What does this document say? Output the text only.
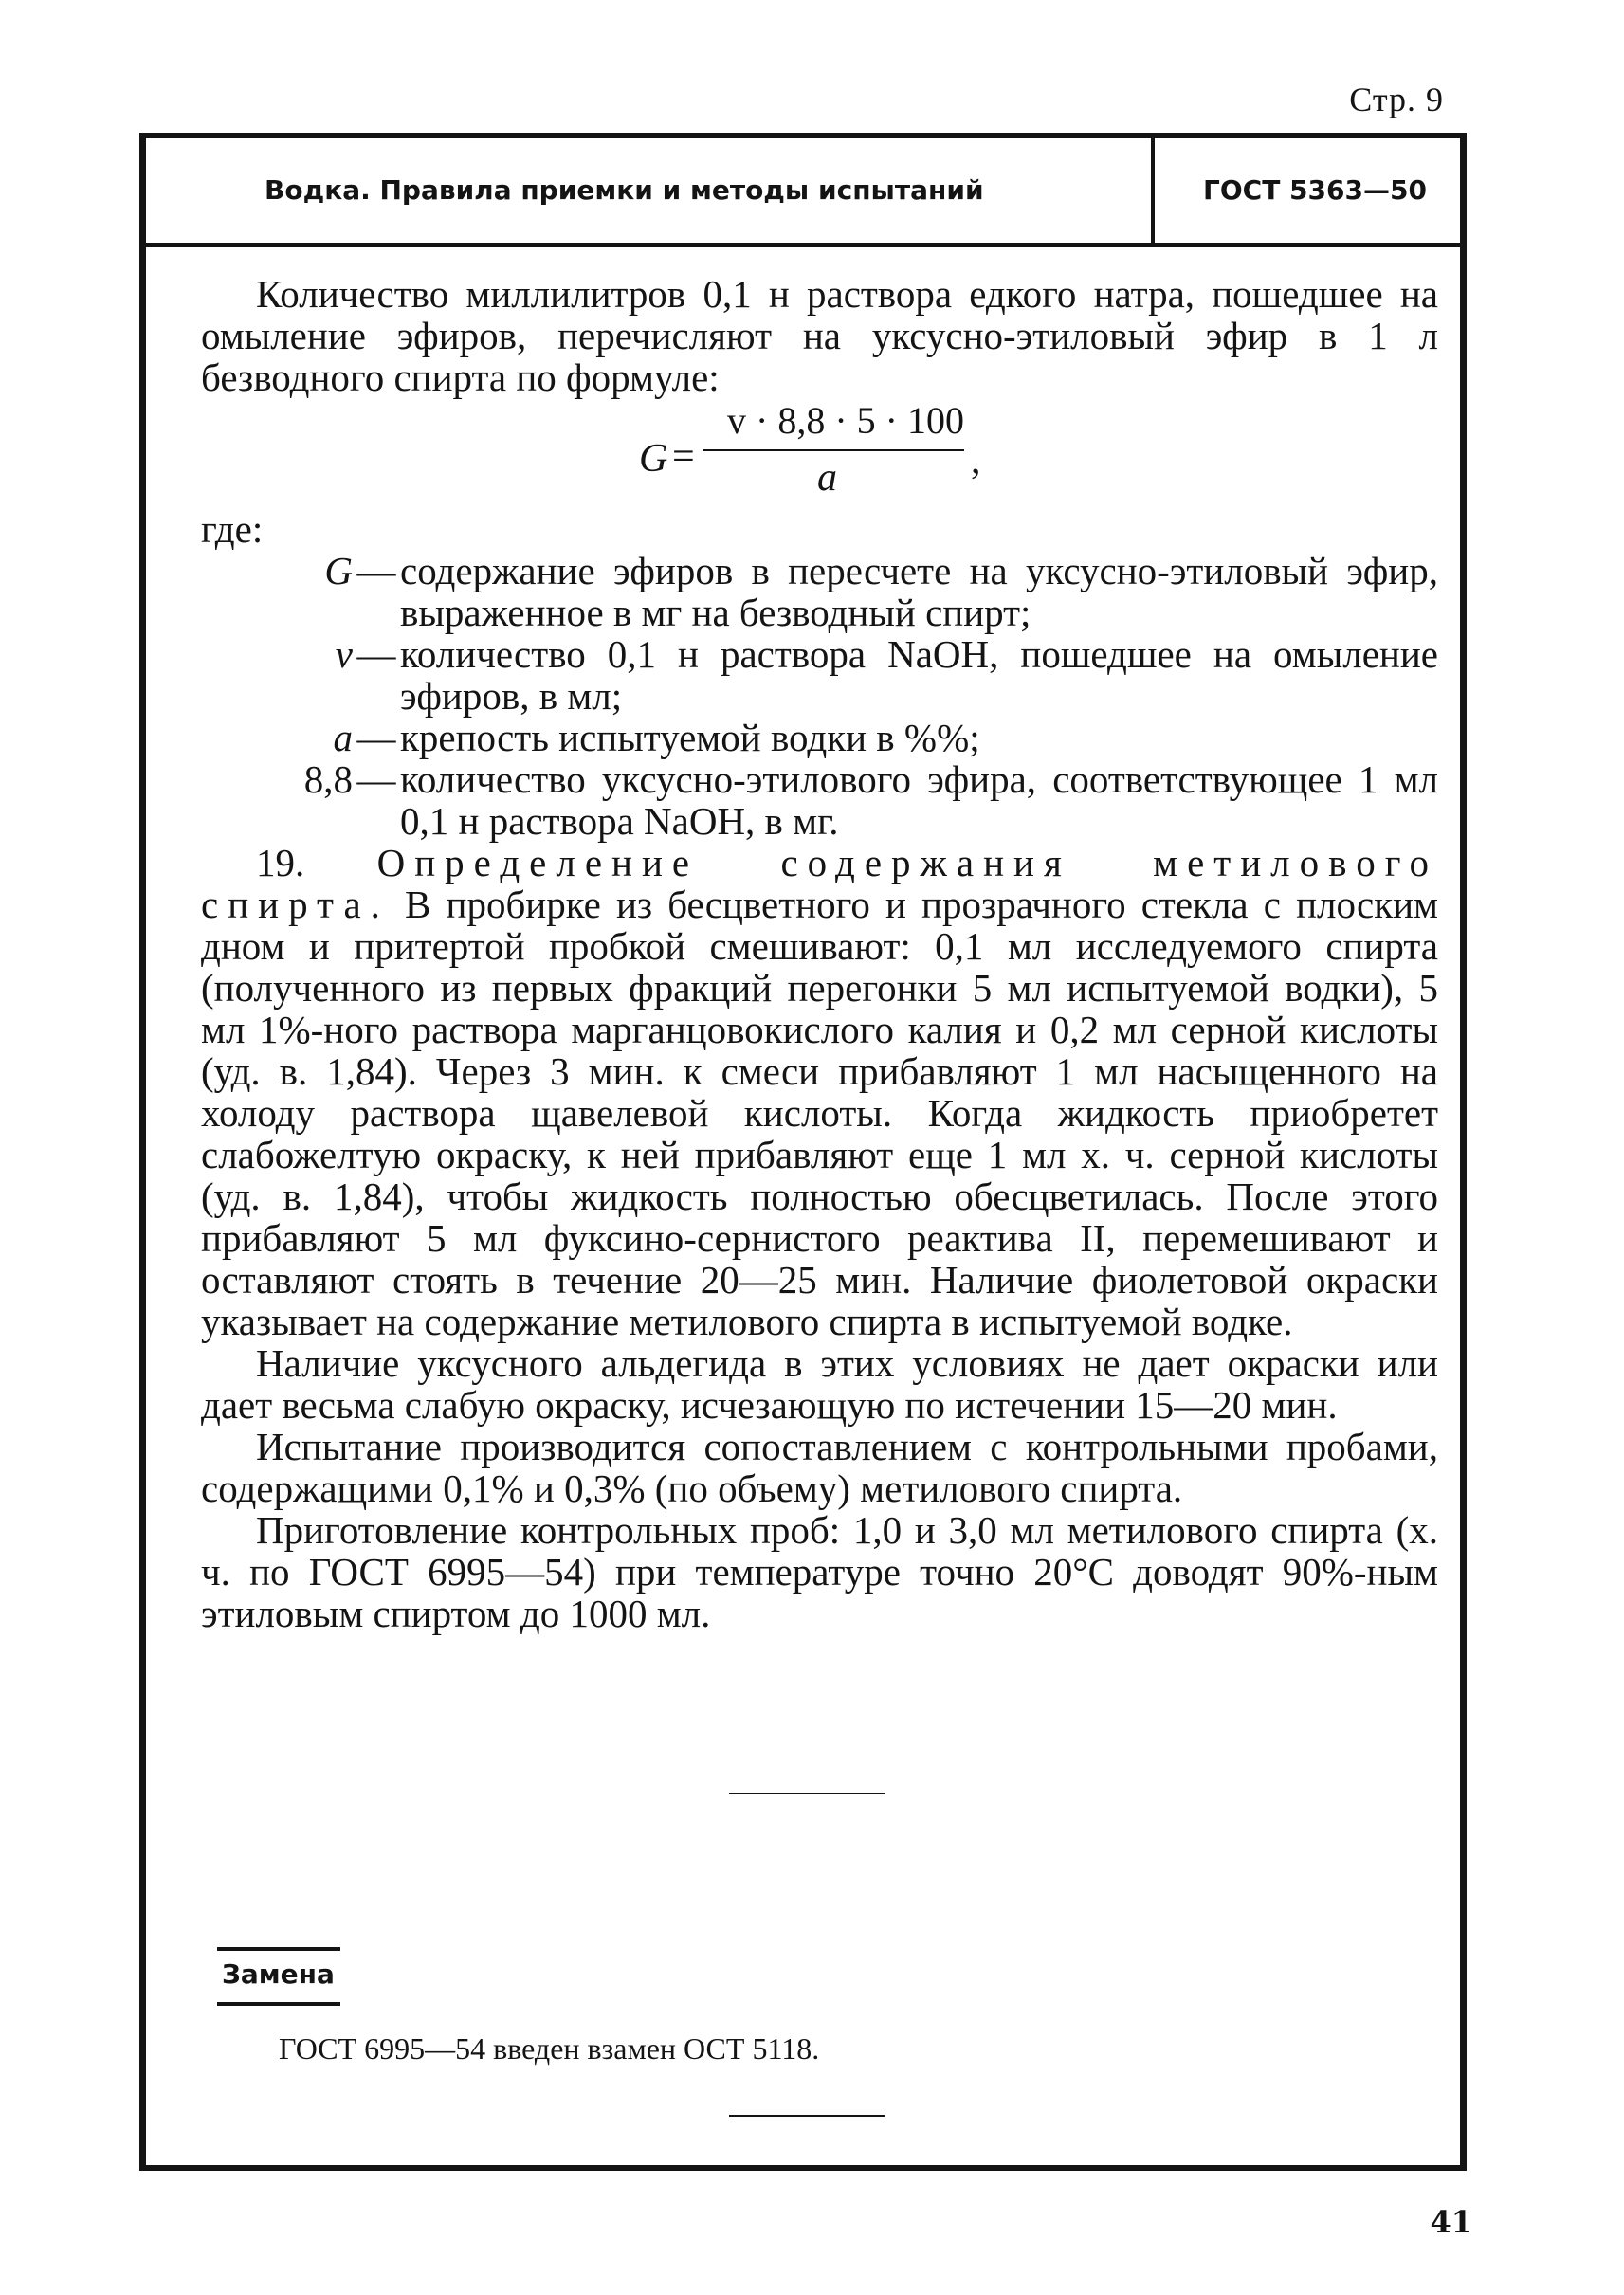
Стр. 9
Водка. Правила приемки и методы испытаний	ГОСТ 5363—50

Количество миллилитров 0,1 н раствора едкого натра, пошедшее на омыление эфиров, перечисляют на уксусно-этиловый эфир в 1 л безводного спирта по формуле:

G =
v · 8,8 · 5 · 100
a	,

где:

G — содержание эфиров в пересчете на уксусно-этиловый эфир, выраженное в мг на безводный спирт;
v — количество 0,1 н раствора NaOH, пошедшее на омыление эфиров, в мл;
a — крепость испытуемой водки в %%;
8,8 — количество уксусно-этилового эфира, соответствующее 1 мл 0,1 н раствора NaOH, в мг.

19. Определение содержания метилового спирта. В пробирке из бесцветного и прозрачного стекла с плоским дном и притертой пробкой смешивают: 0,1 мл исследуемого спирта (полученного из первых фракций перегонки 5 мл испытуемой водки), 5 мл 1%-ного раствора марганцовокислого калия и 0,2 мл серной кислоты (уд. в. 1,84). Через 3 мин. к смеси прибавляют 1 мл насыщенного на холоду раствора щавелевой кислоты. Когда жидкость приобретет слабожелтую окраску, к ней прибавляют еще 1 мл х. ч. серной кислоты (уд. в. 1,84), чтобы жидкость полностью обесцветилась. После этого прибавляют 5 мл фуксино-сернистого реактива II, перемешивают и оставляют стоять в течение 20—25 мин. Наличие фиолетовой окраски указывает на содержание метилового спирта в испытуемой водке.

Наличие уксусного альдегида в этих условиях не дает окраски или дает весьма слабую окраску, исчезающую по истечении 15—20 мин.

Испытание производится сопоставлением с контрольными пробами, содержащими 0,1% и 0,3% (по объему) метилового спирта.

Приготовление контрольных проб: 1,0 и 3,0 мл метилового спирта (х. ч. по ГОСТ 6995—54) при температуре точно 20°С доводят 90%-ным этиловым спиртом до 1000 мл.

Замена
ГОСТ 6995—54 введен взамен ОСТ 5118.
41
